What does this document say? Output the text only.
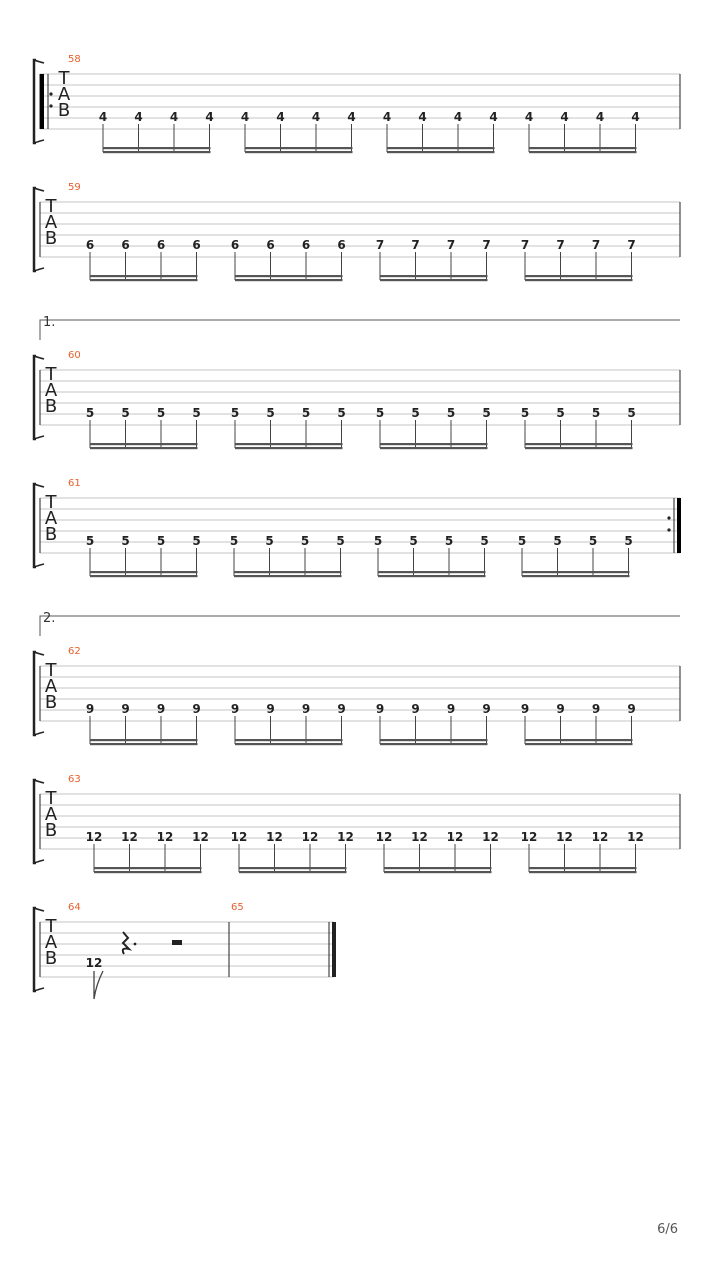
T
A
B
58
4 4 4 4 4 4 4 4 4 4 4 4 4 4 4 4
T
A
B
59
6 6 6 6	6 6 6 6	7 7 7 7	7 7 7 7
T
A
B
1.
60
5 5 5 5	5 5 5 5	5 5 5 5	5 5 5 5
T
A
B
61
5 5 5 5 5 5 5 5 5 5 5 5 5 5 5 5
T
A
B
2.
62
9 9 9 9	9 9 9 9	9 9 9 9	9 9 9 9
T
A
B
63
12 12 12 12 12 12 12 12 12 12 12 12 12 12 12 12
T
A
B
64	65
12
6/6
